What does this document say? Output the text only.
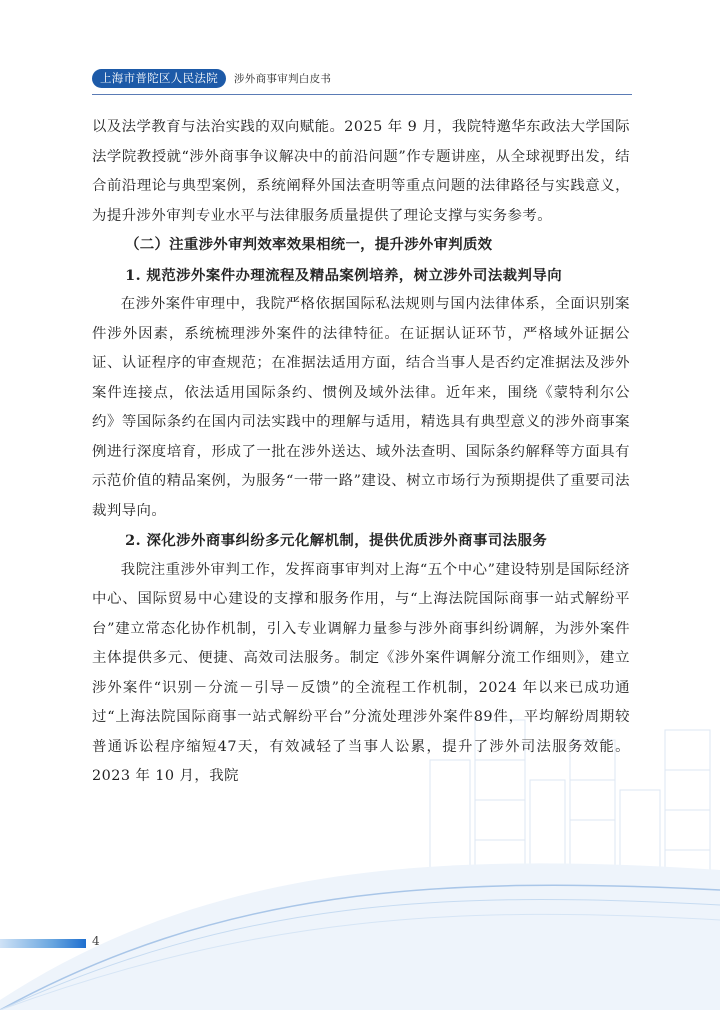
上海市普陀区人民法院	涉外商事审判白皮书

以及法学教育与法治实践的双向赋能。2025 年 9 月，我院特邀华东政法大学国际法学院教授就“涉外商事争议解决中的前沿问题”作专题讲座，从全球视野出发，结合前沿理论与典型案例，系统阐释外国法查明等重点问题的法律路径与实践意义，为提升涉外审判专业水平与法律服务质量提供了理论支撑与实务参考。

（二）注重涉外审判效率效果相统一，提升涉外审判质效

1. 规范涉外案件办理流程及精品案例培养，树立涉外司法裁判导向

在涉外案件审理中，我院严格依据国际私法规则与国内法律体系，全面识别案件涉外因素，系统梳理涉外案件的法律特征。在证据认证环节，严格域外证据公证、认证程序的审查规范；在准据法适用方面，结合当事人是否约定准据法及涉外案件连接点，依法适用国际条约、惯例及域外法律。近年来，围绕《蒙特利尔公约》等国际条约在国内司法实践中的理解与适用，精选具有典型意义的涉外商事案例进行深度培育，形成了一批在涉外送达、域外法查明、国际条约解释等方面具有示范价值的精品案例，为服务“一带一路”建设、树立市场行为预期提供了重要司法裁判导向。

2. 深化涉外商事纠纷多元化解机制，提供优质涉外商事司法服务

我院注重涉外审判工作，发挥商事审判对上海“五个中心”建设特别是国际经济中心、国际贸易中心建设的支撑和服务作用，与“上海法院国际商事一站式解纷平台”建立常态化协作机制，引入专业调解力量参与涉外商事纠纷调解，为涉外案件主体提供多元、便捷、高效司法服务。制定《涉外案件调解分流工作细则》，建立涉外案件“识别－分流－引导－反馈”的全流程工作机制，2024 年以来已成功通过“上海法院国际商事一站式解纷平台”分流处理涉外案件89件，平均解纷周期较普通诉讼程序缩短47天，有效减轻了当事人讼累，提升了涉外司法服务效能。2023 年 10 月，我院

4
